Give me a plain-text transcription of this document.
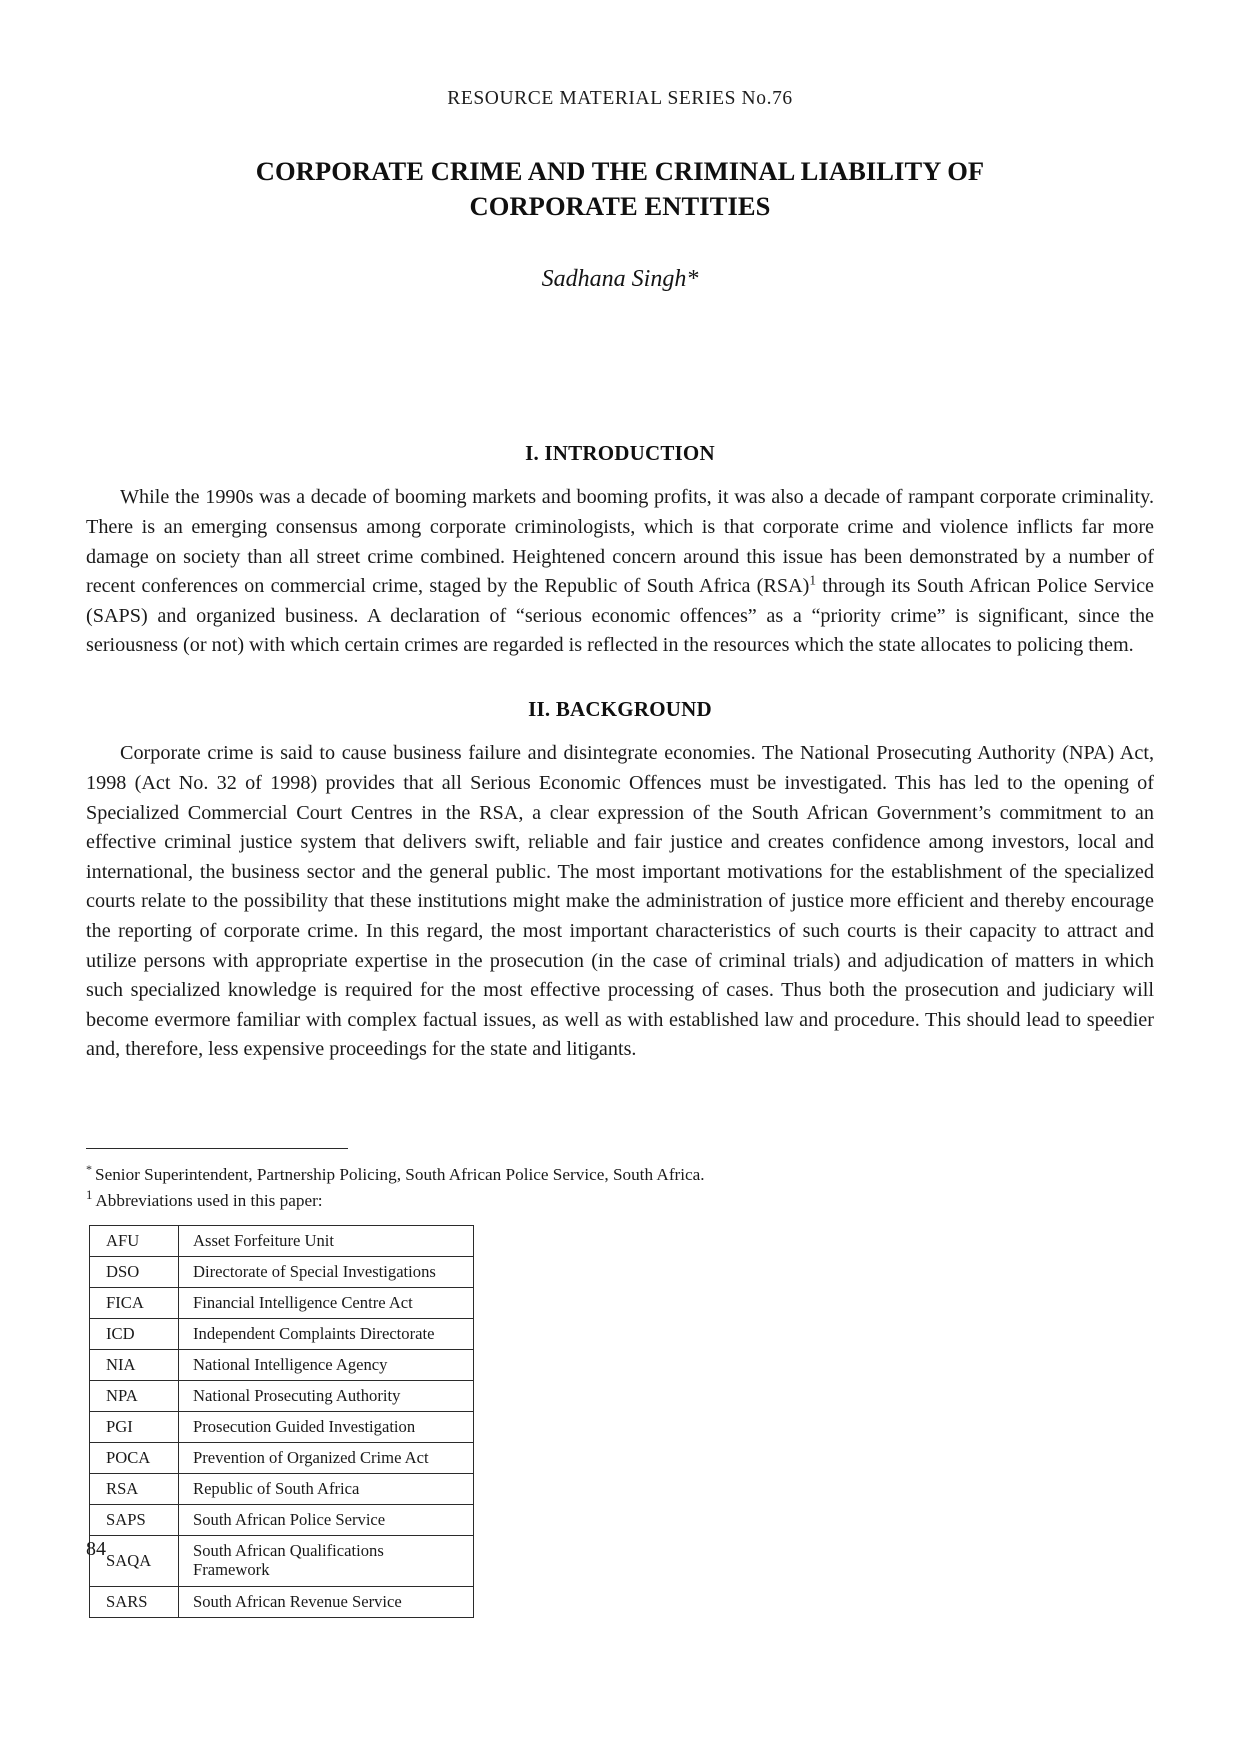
RESOURCE MATERIAL SERIES No.76
CORPORATE CRIME AND THE CRIMINAL LIABILITY OF CORPORATE ENTITIES
Sadhana Singh*
I. INTRODUCTION

While the 1990s was a decade of booming markets and booming profits, it was also a decade of rampant corporate criminality. There is an emerging consensus among corporate criminologists, which is that corporate crime and violence inflicts far more damage on society than all street crime combined. Heightened concern around this issue has been demonstrated by a number of recent conferences on commercial crime, staged by the Republic of South Africa (RSA)$^1$ through its South African Police Service (SAPS) and organized business. A declaration of “serious economic offences” as a “priority crime” is significant, since the seriousness (or not) with which certain crimes are regarded is reflected in the resources which the state allocates to policing them.

II. BACKGROUND

Corporate crime is said to cause business failure and disintegrate economies. The National Prosecuting Authority (NPA) Act, 1998 (Act No. 32 of 1998) provides that all Serious Economic Offences must be investigated. This has led to the opening of Specialized Commercial Court Centres in the RSA, a clear expression of the South African Government’s commitment to an effective criminal justice system that delivers swift, reliable and fair justice and creates confidence among investors, local and international, the business sector and the general public. The most important motivations for the establishment of the specialized courts relate to the possibility that these institutions might make the administration of justice more efficient and thereby encourage the reporting of corporate crime. In this regard, the most important characteristics of such courts is their capacity to attract and utilize persons with appropriate expertise in the prosecution (in the case of criminal trials) and adjudication of matters in which such specialized knowledge is required for the most effective processing of cases. Thus both the prosecution and judiciary will become evermore familiar with complex factual issues, as well as with established law and procedure. This should lead to speedier and, therefore, less expensive proceedings for the state and litigants.

* Senior Superintendent, Partnership Policing, South African Police Service, South Africa.
$^1$ Abbreviations used in this paper:
AFU	Asset Forfeiture Unit
DSO	Directorate of Special Investigations
FICA	Financial Intelligence Centre Act
ICD	Independent Complaints Directorate
NIA	National Intelligence Agency
NPA	National Prosecuting Authority
PGI	Prosecution Guided Investigation
POCA	Prevention of Organized Crime Act
RSA	Republic of South Africa
SAPS	South African Police Service
SAQA	South African Qualifications Framework
SARS	South African Revenue Service
84
